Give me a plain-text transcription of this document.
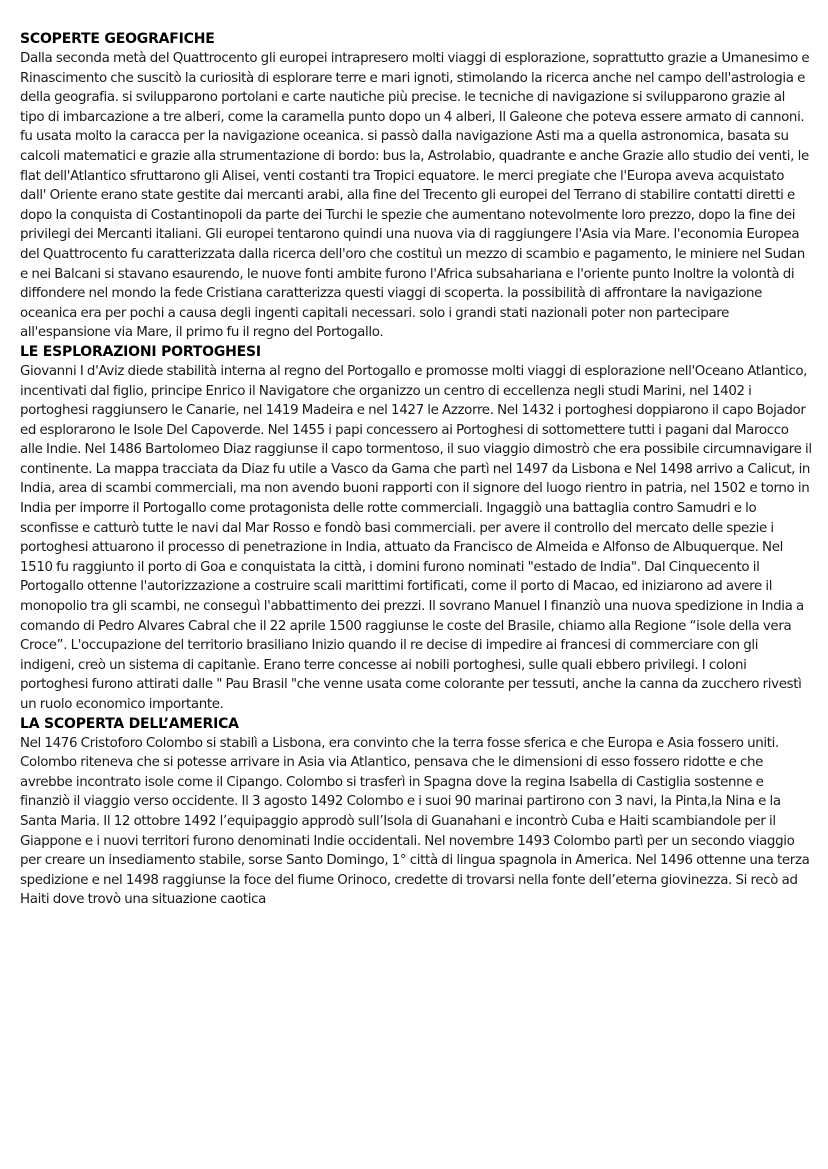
SCOPERTE GEOGRAFICHE

Dalla seconda metà del Quattrocento gli europei intrapresero molti viaggi di esplorazione, soprattutto grazie a Umanesimo e Rinascimento che suscitò la curiosità di esplorare terre e mari ignoti, stimolando la ricerca anche nel campo dell'astrologia e della geografia. si svilupparono portolani e carte nautiche più precise. le tecniche di navigazione si svilupparono grazie al tipo di imbarcazione a tre alberi, come la caramella punto dopo un 4 alberi, Il Galeone che poteva essere armato di cannoni. fu usata molto la caracca per la navigazione oceanica. si passò dalla navigazione Asti ma a quella astronomica, basata su calcoli matematici e grazie alla strumentazione di bordo: bus la, Astrolabio, quadrante e anche Grazie allo studio dei venti, le flat dell'Atlantico sfruttarono gli Alisei, venti costanti tra Tropici equatore. le merci pregiate che l'Europa aveva acquistato dall' Oriente erano state gestite dai mercanti arabi, alla fine del Trecento gli europei del Terrano di stabilire contatti diretti e dopo la conquista di Costantinopoli da parte dei Turchi le spezie che aumentano notevolmente loro prezzo, dopo la fine dei privilegi dei Mercanti italiani. Gli europei tentarono quindi una nuova via di raggiungere l'Asia via Mare. l'economia Europea del Quattrocento fu caratterizzata dalla ricerca dell'oro che costituì un mezzo di scambio e pagamento, le miniere nel Sudan e nei Balcani si stavano esaurendo, le nuove fonti ambite furono l'Africa subsahariana e l'oriente punto Inoltre la volontà di diffondere nel mondo la fede Cristiana caratterizza questi viaggi di scoperta. la possibilità di affrontare la navigazione oceanica era per pochi a causa degli ingenti capitali necessari. solo i grandi stati nazionali poter non partecipare all'espansione via Mare, il primo fu il regno del Portogallo.

LE ESPLORAZIONI PORTOGHESI

Giovanni I d'Aviz diede stabilità interna al regno del Portogallo e promosse molti viaggi di esplorazione nell'Oceano Atlantico, incentivati dal figlio, principe Enrico il Navigatore che organizzo un centro di eccellenza negli studi Marini, nel 1402 i portoghesi raggiunsero le Canarie, nel 1419 Madeira e nel 1427 le Azzorre. Nel 1432 i portoghesi doppiarono il capo Bojador ed esplorarono le Isole Del Capoverde. Nel 1455 i papi concessero ai Portoghesi di sottomettere tutti i pagani dal Marocco alle Indie. Nel 1486 Bartolomeo Diaz raggiunse il capo tormentoso, il suo viaggio dimostrò che era possibile circumnavigare il continente. La mappa tracciata da Diaz fu utile a Vasco da Gama che partì nel 1497 da Lisbona e Nel 1498 arrivo a Calicut, in India, area di scambi commerciali, ma non avendo buoni rapporti con il signore del luogo rientro in patria, nel 1502 e torno in India per imporre il Portogallo come protagonista delle rotte commerciali. Ingaggiò una battaglia contro Samudri e lo sconfisse e catturò tutte le navi dal Mar Rosso e fondò basi commerciali. per avere il controllo del mercato delle spezie i portoghesi attuarono il processo di penetrazione in India, attuato da Francisco de Almeida e Alfonso de Albuquerque. Nel 1510 fu raggiunto il porto di Goa e conquistata la città, i domini furono nominati "estado de India". Dal Cinquecento il Portogallo ottenne l'autorizzazione a costruire scali marittimi fortificati, come il porto di Macao, ed iniziarono ad avere il monopolio tra gli scambi, ne conseguì l'abbattimento dei prezzi. Il sovrano Manuel I finanziò una nuova spedizione in India a comando di Pedro Alvares Cabral che il 22 aprile 1500 raggiunse le coste del Brasile, chiamo alla Regione “isole della vera Croce”. L'occupazione del territorio brasiliano Inizio quando il re decise di impedire ai francesi di commerciare con gli indigeni, creò un sistema di capitanìe. Erano terre concesse ai nobili portoghesi, sulle quali ebbero privilegi. I coloni portoghesi furono attirati dalle " Pau Brasil "che venne usata come colorante per tessuti, anche la canna da zucchero rivestì un ruolo economico importante.

LA SCOPERTA DELL’AMERICA

Nel 1476 Cristoforo Colombo si stabilì a Lisbona, era convinto che la terra fosse sferica e che Europa e Asia fossero uniti. Colombo riteneva che si potesse arrivare in Asia via Atlantico, pensava che le dimensioni di esso fossero ridotte e che avrebbe incontrato isole come il Cipango. Colombo si trasferì in Spagna dove la regina Isabella di Castiglia sostenne e finanziò il viaggio verso occidente. Il 3 agosto 1492 Colombo e i suoi 90 marinai partirono con 3 navi, la Pinta,la Nina e la Santa Maria. Il 12 ottobre 1492 l’equipaggio approdò sull’Isola di Guanahani e incontrò Cuba e Haiti scambiandole per il Giappone e i nuovi territori furono denominati Indie occidentali. Nel novembre 1493 Colombo partì per un secondo viaggio per creare un insediamento stabile, sorse Santo Domingo, 1° città di lingua spagnola in America. Nel 1496 ottenne una terza spedizione e nel 1498 raggiunse la foce del fiume Orinoco, credette di trovarsi nella fonte dell’eterna giovinezza. Si recò ad Haiti dove trovò una situazione caotica
